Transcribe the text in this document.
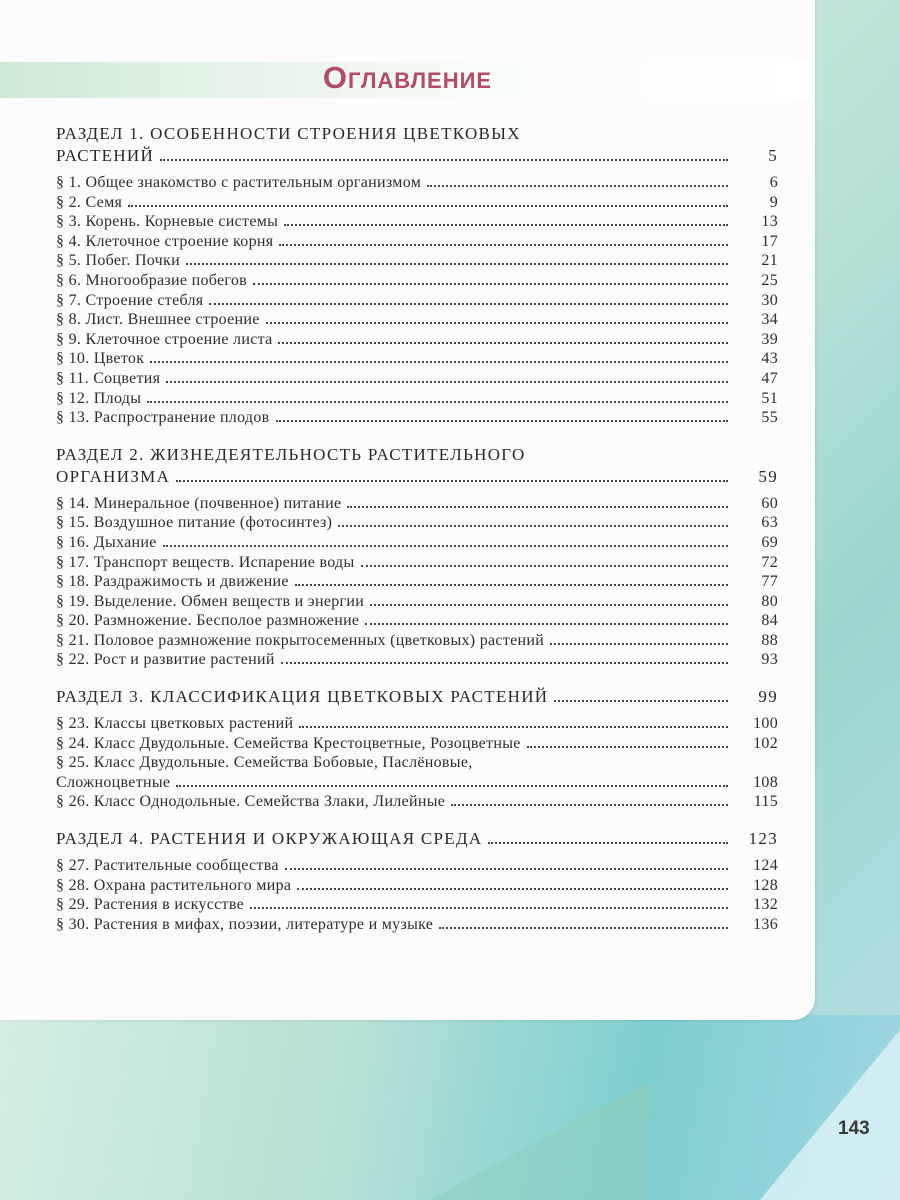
Оглавление
РАЗДЕЛ 1. ОСОБЕННОСТИ СТРОЕНИЯ ЦВЕТКОВЫХ
РАСТЕНИЙ	5
§ 1. Общее знакомство с растительным организмом	6
§ 2. Семя	9
§ 3. Корень. Корневые системы	13
§ 4. Клеточное строение корня	17
§ 5. Побег. Почки	21
§ 6. Многообразие побегов	25
§ 7. Строение стебля	30
§ 8. Лист. Внешнее строение	34
§ 9. Клеточное строение листа	39
§ 10. Цветок	43
§ 11. Соцветия	47
§ 12. Плоды	51
§ 13. Распространение плодов	55
РАЗДЕЛ 2. ЖИЗНЕДЕЯТЕЛЬНОСТЬ РАСТИТЕЛЬНОГО
ОРГАНИЗМА	59
§ 14. Минеральное (почвенное) питание	60
§ 15. Воздушное питание (фотосинтез)	63
§ 16. Дыхание	69
§ 17. Транспорт веществ. Испарение воды	72
§ 18. Раздражимость и движение	77
§ 19. Выделение. Обмен веществ и энергии	80
§ 20. Размножение. Бесполое размножение	84
§ 21. Половое размножение покрытосеменных (цветковых) растений	88
§ 22. Рост и развитие растений	93
РАЗДЕЛ 3. КЛАССИФИКАЦИЯ ЦВЕТКОВЫХ РАСТЕНИЙ	99
§ 23. Классы цветковых растений	100
§ 24. Класс Двудольные. Семейства Крестоцветные, Розоцветные	102
§ 25. Класс Двудольные. Семейства Бобовые, Паслёновые,
Сложноцветные	108
§ 26. Класс Однодольные. Семейства Злаки, Лилейные	115
РАЗДЕЛ 4. РАСТЕНИЯ И ОКРУЖАЮЩАЯ СРЕДА	123
§ 27. Растительные сообщества	124
§ 28. Охрана растительного мира	128
§ 29. Растения в искусстве	132
§ 30. Растения в мифах, поэзии, литературе и музыке	136
143
